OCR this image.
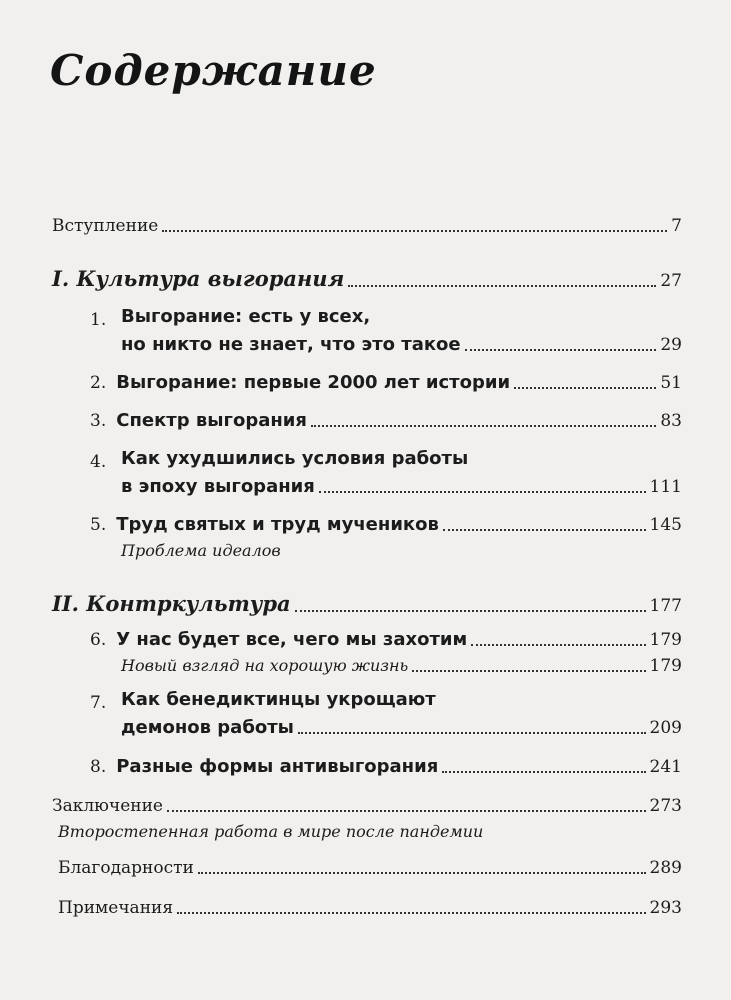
Содержание
Вступление	7
I. Культура выгорания	27
1. Выгорание: есть у всех,
но никто не знает, что это такое	29
2. Выгорание: первые 2000 лет истории	51
3. Спектр выгорания	83
4. Как ухудшились условия работы
в эпоху выгорания	111
5. Труд святых и труд мучеников	145
Проблема идеалов
II. Контркультура	177
6. У нас будет все, чего мы захотим	179
Новый взгляд на хорошую жизнь	179
7. Как бенедиктинцы укрощают
демонов работы	209
8. Разные формы антивыгорания	241
Заключение	273
Второстепенная работа в мире после пандемии
Благодарности	289
Примечания	293
